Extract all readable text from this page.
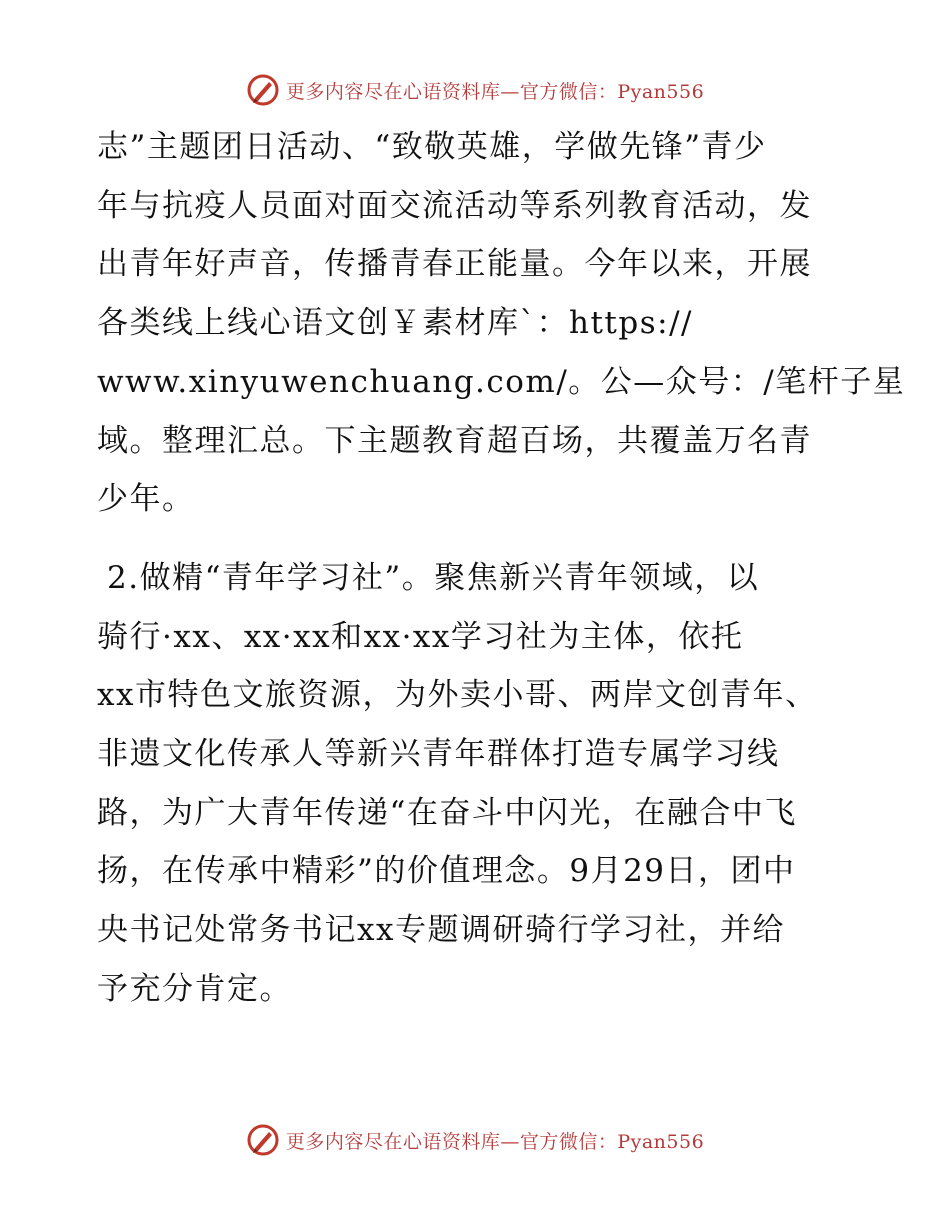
更多内容尽在心语资料库—官方微信：Pyan556

志”主题团日活动、“致敬英雄，学做先锋”青少
年与抗疫人员面对面交流活动等系列教育活动，发
出青年好声音，传播青春正能量。今年以来，开展
各类线上线心语文创￥素材库`：https://
www.xinyuwenchuang.com/。公—众号：/笔杆子星
域。整理汇总。下主题教育超百场，共覆盖万名青
少年。

2.做精“青年学习社”。聚焦新兴青年领域，以
骑行·xx、xx·xx和xx·xx学习社为主体，依托
xx市特色文旅资源，为外卖小哥、两岸文创青年、
非遗文化传承人等新兴青年群体打造专属学习线
路，为广大青年传递“在奋斗中闪光，在融合中飞
扬，在传承中精彩”的价值理念。9月29日，团中
央书记处常务书记xx专题调研骑行学习社，并给
予充分肯定。

更多内容尽在心语资料库—官方微信：Pyan556
